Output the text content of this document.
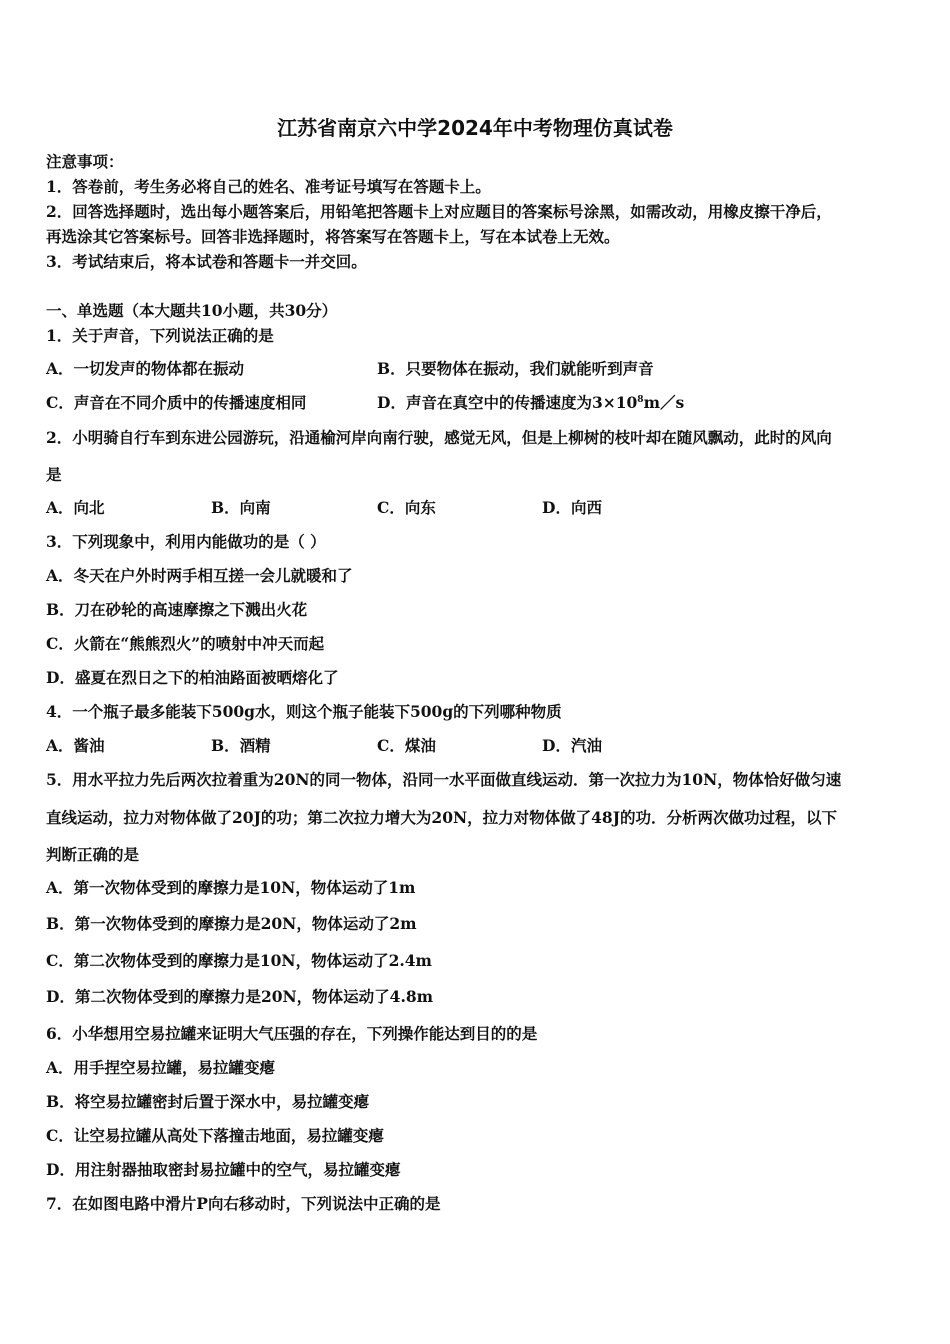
江苏省南京六中学2024年中考物理仿真试卷
注意事项：
1．答卷前，考生务必将自己的姓名、准考证号填写在答题卡上。
2．回答选择题时，选出每小题答案后，用铅笔把答题卡上对应题目的答案标号涂黑，如需改动，用橡皮擦干净后，
再选涂其它答案标号。回答非选择题时，将答案写在答题卡上，写在本试卷上无效。
3．考试结束后，将本试卷和答题卡一并交回。
一、单选题（本大题共10小题，共30分）
1．关于声音，下列说法正确的是
A．一切发声的物体都在振动	B．只要物体在振动，我们就能听到声音
C．声音在不同介质中的传播速度相同	D．声音在真空中的传播速度为$3\times 10^8m/s$
2．小明骑自行车到东进公园游玩，沿通榆河岸向南行驶，感觉无风，但是上柳树的枝叶却在随风飘动，此时的风向
是
A．向北	B．向南	C．向东	D．向西
3．下列现象中，利用内能做功的是（ ）
A．冬天在户外时两手相互搓一会儿就暖和了
B．刀在砂轮的高速摩擦之下溅出火花
C．火箭在“熊熊烈火”的喷射中冲天而起
D．盛夏在烈日之下的柏油路面被晒熔化了
4．一个瓶子最多能装下500g水，则这个瓶子能装下500g的下列哪种物质
A．酱油	B．酒精	C．煤油	D．汽油
5．用水平拉力先后两次拉着重为20N的同一物体，沿同一水平面做直线运动．第一次拉力为10N，物体恰好做匀速
直线运动，拉力对物体做了20J的功；第二次拉力增大为20N，拉力对物体做了48J的功．分析两次做功过程，以下
判断正确的是
A．第一次物体受到的摩擦力是10N，物体运动了1m
B．第一次物体受到的摩擦力是20N，物体运动了2m
C．第二次物体受到的摩擦力是10N，物体运动了2.4m
D．第二次物体受到的摩擦力是20N，物体运动了4.8m
6．小华想用空易拉罐来证明大气压强的存在，下列操作能达到目的的是
A．用手捏空易拉罐，易拉罐变瘪
B．将空易拉罐密封后置于深水中，易拉罐变瘪
C．让空易拉罐从高处下落撞击地面，易拉罐变瘪
D．用注射器抽取密封易拉罐中的空气，易拉罐变瘪
7．在如图电路中滑片P向右移动时，下列说法中正确的是
